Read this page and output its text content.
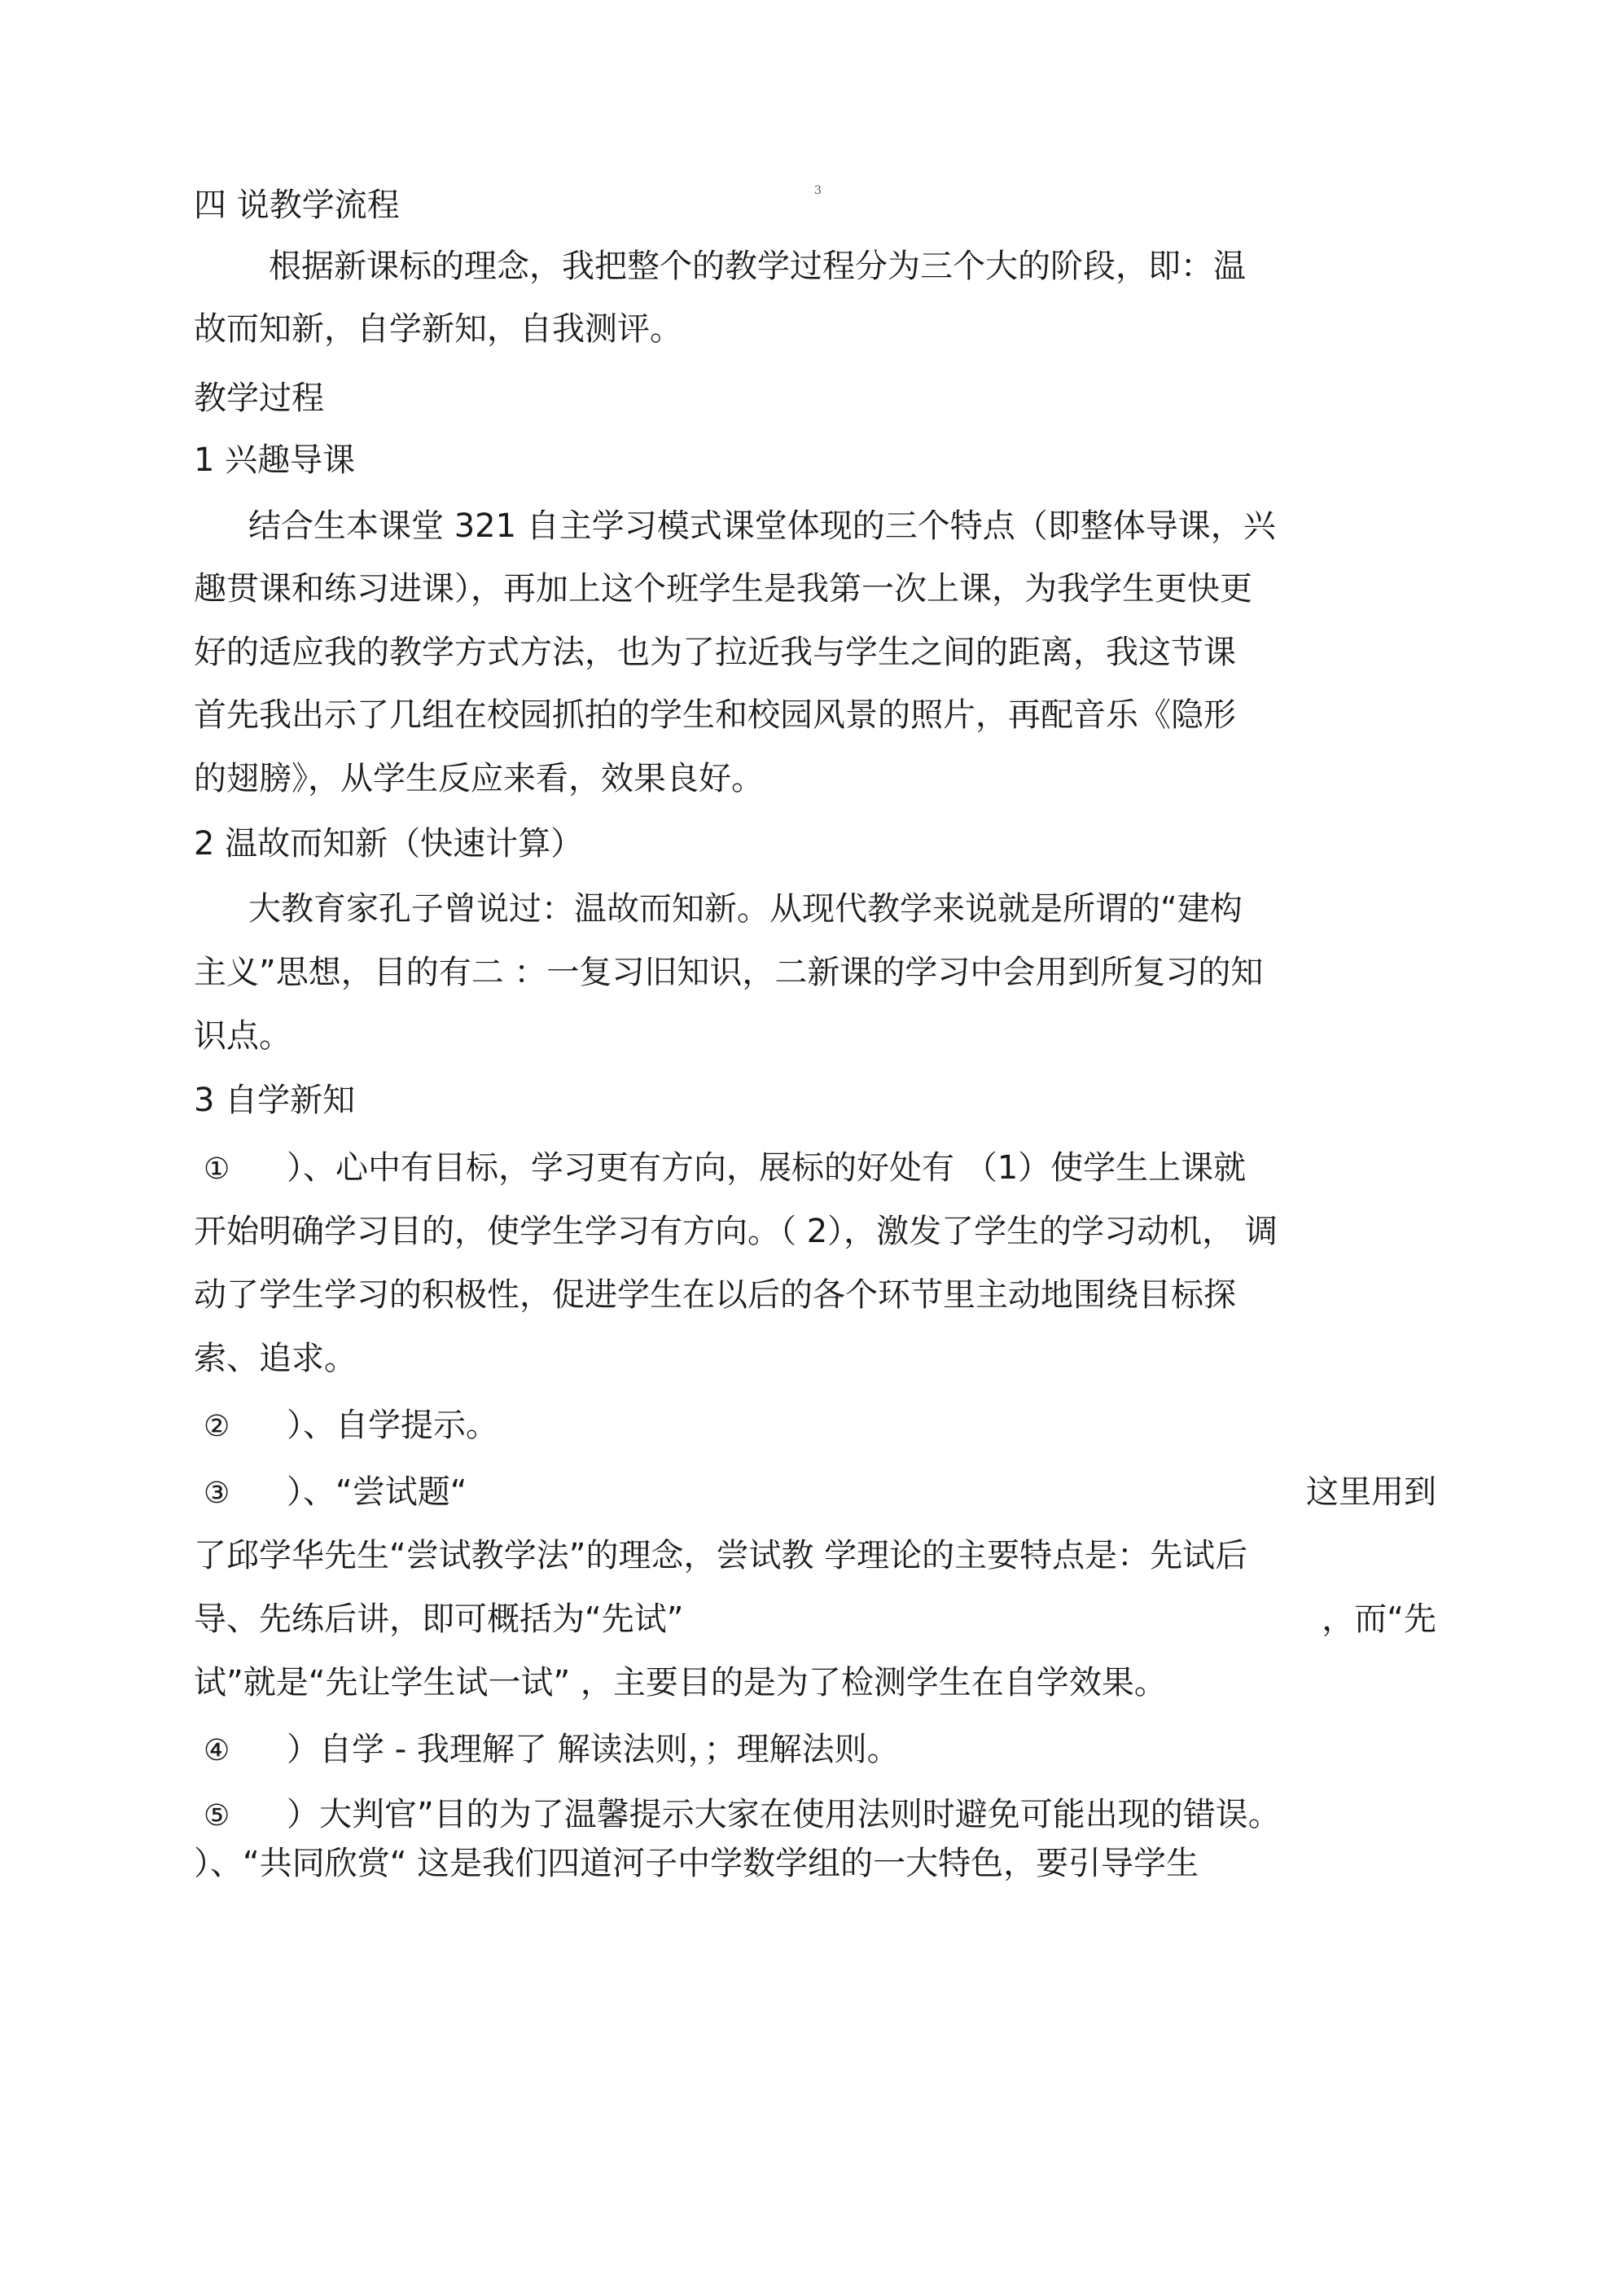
3
四 说教学流程
根据新课标的理念，我把整个的教学过程分为三个大的阶段，即：温
故而知新，自学新知，自我测评。
教学过程
1 兴趣导课
结合生本课堂 321 自主学习模式课堂体现的三个特点（即整体导课，兴
趣贯课和练习进课），再加上这个班学生是我第一次上课，为我学生更快更
好的适应我的教学方式方法，也为了拉近我与学生之间的距离，我这节课
首先我出示了几组在校园抓拍的学生和校园风景的照片，再配音乐《隐形
的翅膀》，从学生反应来看，效果良好。
2 温故而知新（快速计算）
大教育家孔子曾说过：温故而知新。从现代教学来说就是所谓的“建构
主义”思想，目的有二 ：一复习旧知识，二新课的学习中会用到所复习的知
识点。
3 自学新知
① ）、心中有目标，学习更有方向，展标的好处有 （1）使学生上课就
开始明确学习目的，使学生学习有方向。（ 2），激发了学生的学习动机， 调
动了学生学习的积极性，促进学生在以后的各个环节里主动地围绕目标探
索、追求。
② ）、自学提示。
③ ）、“尝试题“	这里用到
了邱学华先生“尝试教学法”的理念，尝试教 学理论的主要特点是：先试后
导、先练后讲，即可概括为“先试”	，而“先
试”就是“先让学生试一试” ，主要目的是为了检测学生在自学效果。
④ ）自学 - 我理解了 解读法则，；理解法则。
⑤ ）大判官”目的为了温馨提示大家在使用法则时避免可能出现的错误。
）、“共同欣赏“ 这是我们四道河子中学数学组的一大特色，要引导学生
